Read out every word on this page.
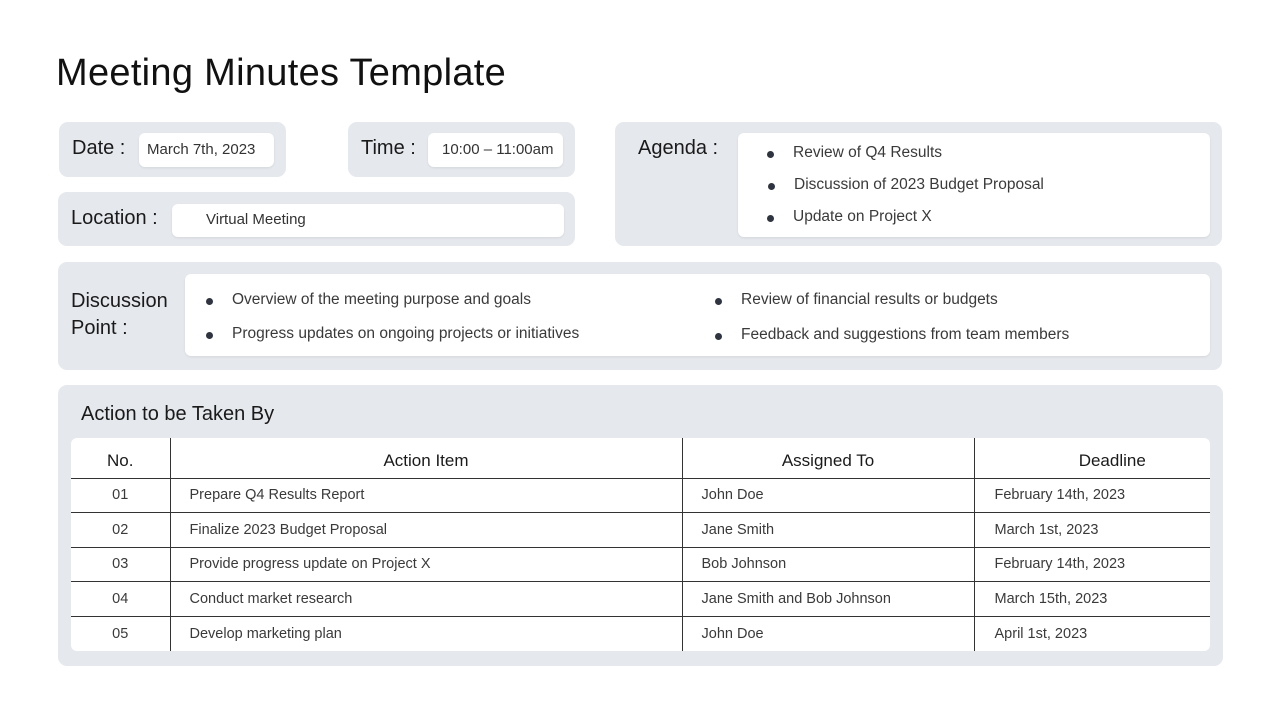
Meeting Minutes Template
Date : March 7th, 2023	Time : 10:00 – 11:00am
Location :	Virtual Meeting
Agenda :	Review of Q4 Results
Discussion of 2023 Budget Proposal
Update on Project X
Discussion
Point :
Overview of the meeting purpose and goals
Progress updates on ongoing projects or initiatives
Review of financial results or budgets
Feedback and suggestions from team members
Action to be Taken By
No.	Action Item	Assigned To	Deadline
01	Prepare Q4 Results Report	John Doe	February 14th, 2023
02	Finalize 2023 Budget Proposal	Jane Smith	March 1st, 2023
03	Provide progress update on Project X	Bob Johnson	February 14th, 2023
04	Conduct market research	Jane Smith and Bob Johnson	March 15th, 2023
05	Develop marketing plan	John Doe	April 1st, 2023
